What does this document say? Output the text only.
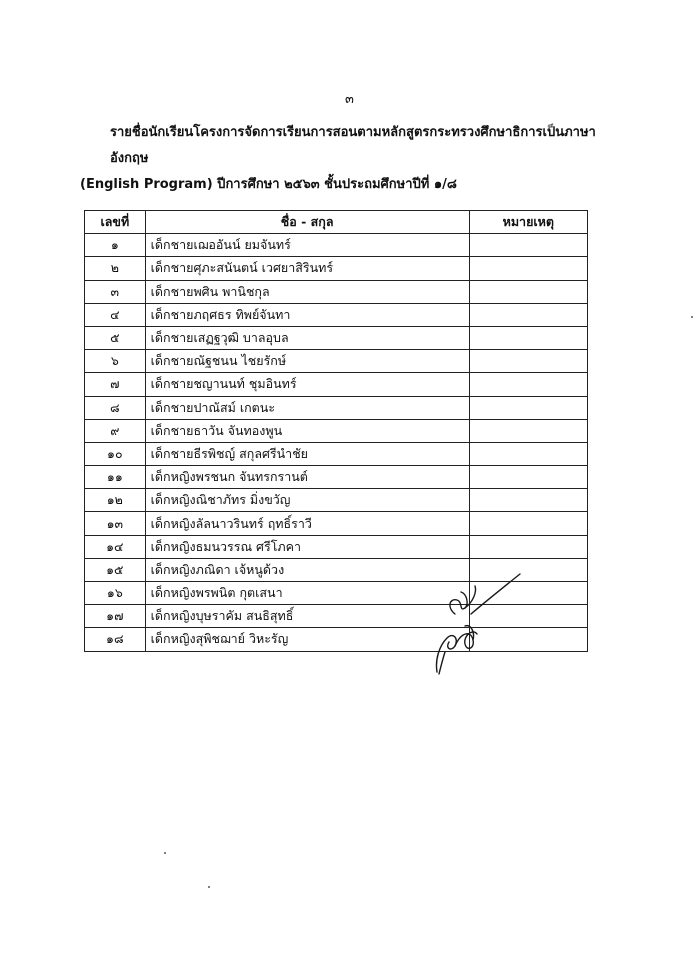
๓
รายชื่อนักเรียนโครงการจัดการเรียนการสอนตามหลักสูตรกระทรวงศึกษาธิการเป็นภาษาอังกฤษ
(English Program) ปีการศึกษา ๒๕๖๓ ชั้นประถมศึกษาปีที่ ๑/๘
เลขที่	ชื่อ - สกุล	หมายเหตุ
๑	เด็กชายเฌออันน์ ยมจันทร์	
๒	เด็กชายศุภะสนันตน์ เวศยาสิรินทร์	
๓	เด็กชายพศิน พานิชกุล	
๔	เด็กชายภฤศธร ทิพย์จันทา	
๕	เด็กชายเสฏฐวุฒิ บาลอุบล	
๖	เด็กชายณัฐชนน ไชยรักษ์	
๗	เด็กชายชญานนท์ ชุมอินทร์	
๘	เด็กชายปาณัสม์ เกตนะ	
๙	เด็กชายธาวัน จันทองพูน	
๑๐	เด็กชายธีรพิชญ์ สกุลศรีนำชัย	
๑๑	เด็กหญิงพรชนก จันทรกรานต์	
๑๒	เด็กหญิงณิชาภัทร มิ่งขวัญ	
๑๓	เด็กหญิงลัลนาวรินทร์ ฤทธิ์ราวี	
๑๔	เด็กหญิงธมนวรรณ ศรีโภคา	
๑๕	เด็กหญิงภณิดา เจ้หนูด้วง	
๑๖	เด็กหญิงพรพนิต กุตเสนา	
๑๗	เด็กหญิงบุษราคัม สนธิสุทธิ์	
๑๘	เด็กหญิงสุพิชฌาย์ วิหะรัญ	
